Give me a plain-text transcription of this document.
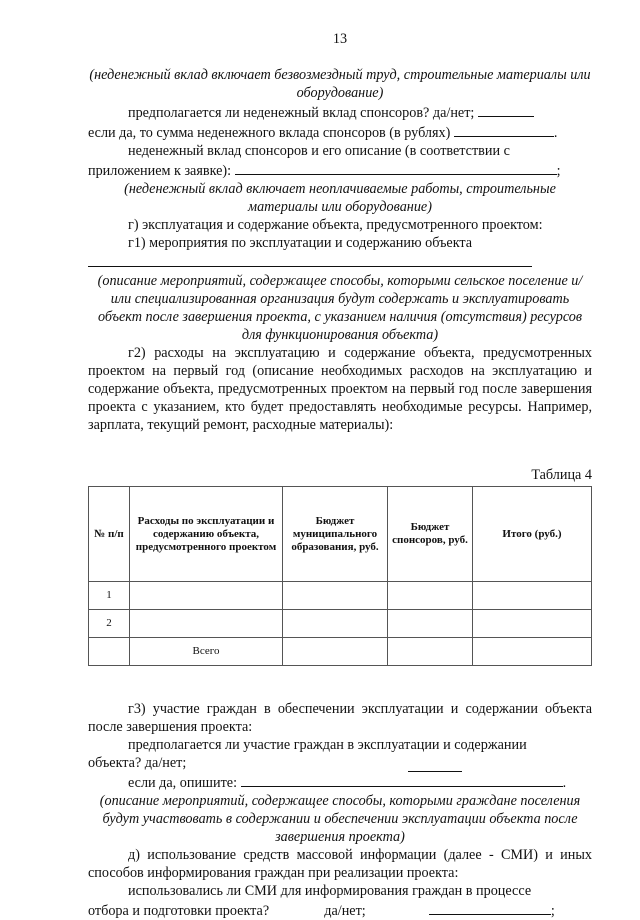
13
(неденежный вклад включает безвозмездный труд, строительные материалы или оборудование)
предполагается ли неденежный вклад спонсоров? да/нет;
если да, то сумма неденежного вклада спонсоров (в рублях)	.
неденежный вклад спонсоров и его описание (в соответствии с
приложением к заявке):	;
(неденежный вклад включает неоплачиваемые работы, строительные материалы или оборудование)
г) эксплуатация и содержание объекта, предусмотренного проектом:
г1) мероприятия по эксплуатации и содержанию объекта
(описание мероприятий, содержащее способы, которыми сельское поселение и/или специализированная организация будут содержать и эксплуатировать объект после завершения проекта, с указанием наличия (отсутствия) ресурсов для функционирования объекта)
г2) расходы на эксплуатацию и содержание объекта, предусмотренных проектом на первый год (описание необходимых расходов на эксплуатацию и содержание объекта, предусмотренных проектом на первый год после завершения проекта с указанием, кто будет предоставлять необходимые ресурсы. Например, зарплата, текущий ремонт, расходные материалы):
Таблица 4
№ п/п	Расходы по эксплуатации и содержанию объекта, предусмотренного проектом	Бюджет муниципального образования, руб.	Бюджет спонсоров, руб.	Итого (руб.)
1				
2				
	Всего			
г3) участие граждан в обеспечении эксплуатации и содержании объекта после завершения проекта:
предполагается ли участие граждан в эксплуатации и содержании
объекта? да/нет;
если да, опишите:	.
(описание мероприятий, содержащее способы, которыми граждане поселения будут участвовать в содержании и обеспечении эксплуатации объекта после завершения проекта)
д) использование средств массовой информации (далее - СМИ) и иных способов информирования граждан при реализации проекта:
использовались ли СМИ для информирования граждан в процессе
отбора и подготовки проекта?	да/нет;	;
